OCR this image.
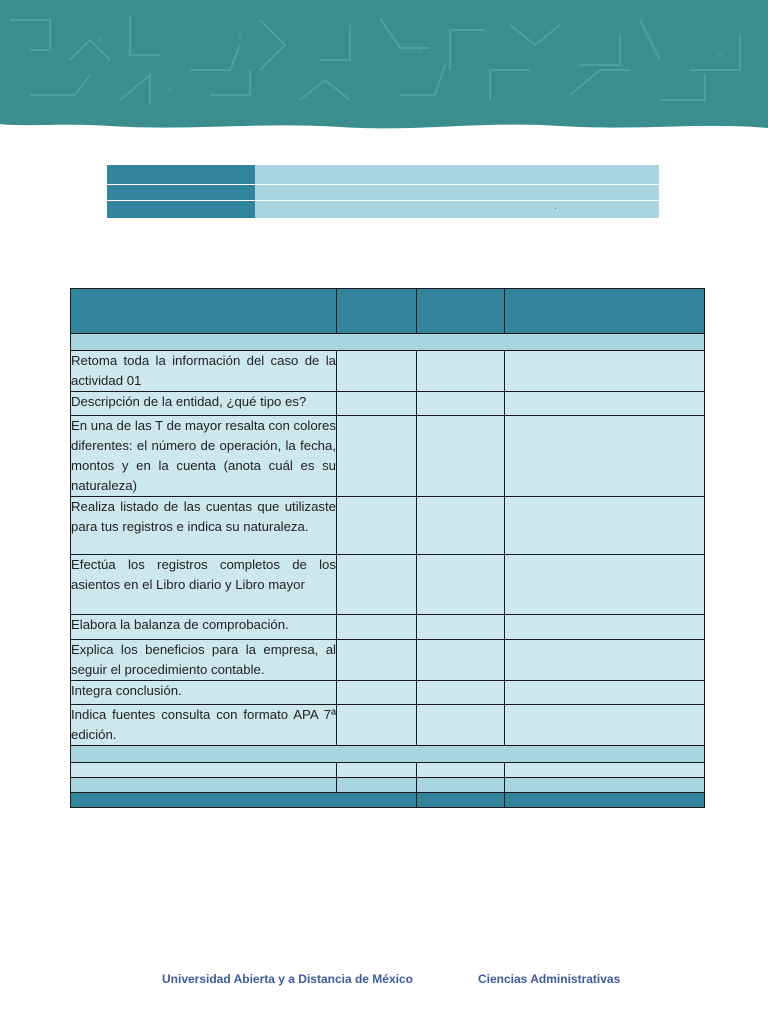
Retoma toda la información del caso de la actividad 01			
Descripción de la entidad, ¿qué tipo es?			
En una de las T de mayor resalta con colores diferentes: el número de operación, la fecha, montos y en la cuenta (anota cuál es su naturaleza)			
Realiza listado de las cuentas que utilizaste para tus registros e indica su naturaleza.			
Efectúa los registros completos de los asientos en el Libro diario y Libro mayor			
Elabora la balanza de comprobación.			
Explica los beneficios para la empresa, al seguir el procedimiento contable.			
Integra conclusión.			
Indica fuentes consulta con formato APA 7ª edición.			

Universidad Abierta y a Distancia de México	Ciencias Administrativas
